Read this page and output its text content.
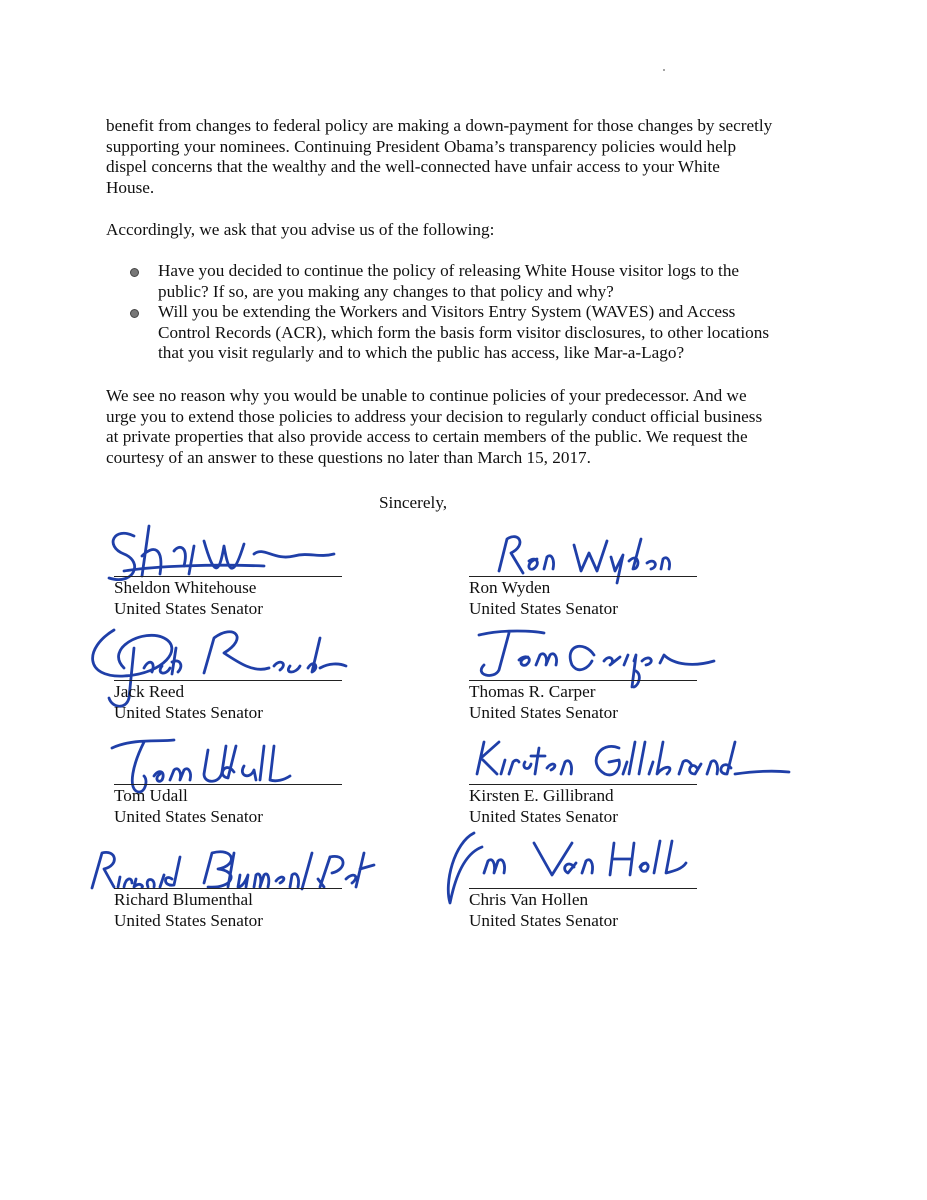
benefit from changes to federal policy are making a down-payment for those changes by secretly
supporting your nominees. Continuing President Obama’s transparency policies would help
dispel concerns that the wealthy and the well-connected have unfair access to your White
House.

Accordingly, we ask that you advise us of the following:

Have you decided to continue the policy of releasing White House visitor logs to the
public? If so, are you making any changes to that policy and why?
Will you be extending the Workers and Visitors Entry System (WAVES) and Access
Control Records (ACR), which form the basis form visitor disclosures, to other locations
that you visit regularly and to which the public has access, like Mar-a-Lago?

We see no reason why you would be unable to continue policies of your predecessor. And we
urge you to extend those policies to address your decision to regularly conduct official business
at private properties that also provide access to certain members of the public. We request the
courtesy of an answer to these questions no later than March 15, 2017.

Sincerely,
Sheldon Whitehouse
United States Senator
Ron Wyden
United States Senator
Jack Reed
United States Senator
Thomas R. Carper
United States Senator
Tom Udall
United States Senator
Kirsten E. Gillibrand
United States Senator
Richard Blumenthal
United States Senator
Chris Van Hollen
United States Senator
